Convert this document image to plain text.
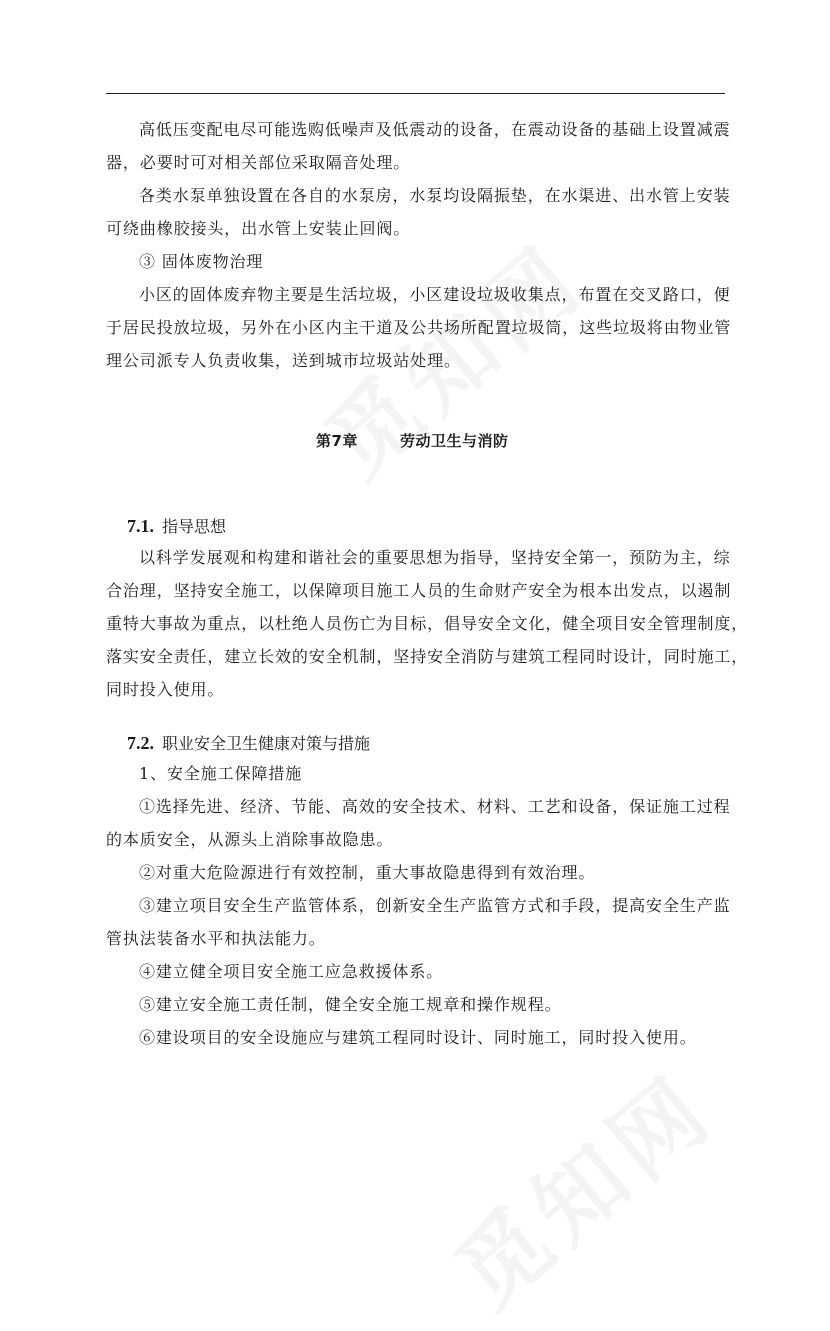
高低压变配电尽可能选购低噪声及低震动的设备，在震动设备的基础上设置减震
器，必要时可对相关部位采取隔音处理。
各类水泵单独设置在各自的水泵房，水泵均设隔振垫，在水渠进、出水管上安装
可绕曲橡胶接头，出水管上安装止回阀。
③ 固体废物治理
小区的固体废弃物主要是生活垃圾，小区建设垃圾收集点，布置在交叉路口，便
于居民投放垃圾，另外在小区内主干道及公共场所配置垃圾筒，这些垃圾将由物业管
理公司派专人负责收集，送到城市垃圾站处理。
第7章	劳动卫生与消防
7.1. 指导思想
以科学发展观和构建和谐社会的重要思想为指导，坚持安全第一，预防为主，综
合治理，坚持安全施工，以保障项目施工人员的生命财产安全为根本出发点，以遏制
重特大事故为重点，以杜绝人员伤亡为目标，倡导安全文化，健全项目安全管理制度，
落实安全责任，建立长效的安全机制，坚持安全消防与建筑工程同时设计，同时施工，
同时投入使用。
7.2. 职业安全卫生健康对策与措施
1、安全施工保障措施
①选择先进、经济、节能、高效的安全技术、材料、工艺和设备，保证施工过程
的本质安全，从源头上消除事故隐患。
②对重大危险源进行有效控制，重大事故隐患得到有效治理。
③建立项目安全生产监管体系，创新安全生产监管方式和手段，提高安全生产监
管执法装备水平和执法能力。
④建立健全项目安全施工应急救援体系。
⑤建立安全施工责任制，健全安全施工规章和操作规程。
⑥建设项目的安全设施应与建筑工程同时设计、同时施工，同时投入使用。
